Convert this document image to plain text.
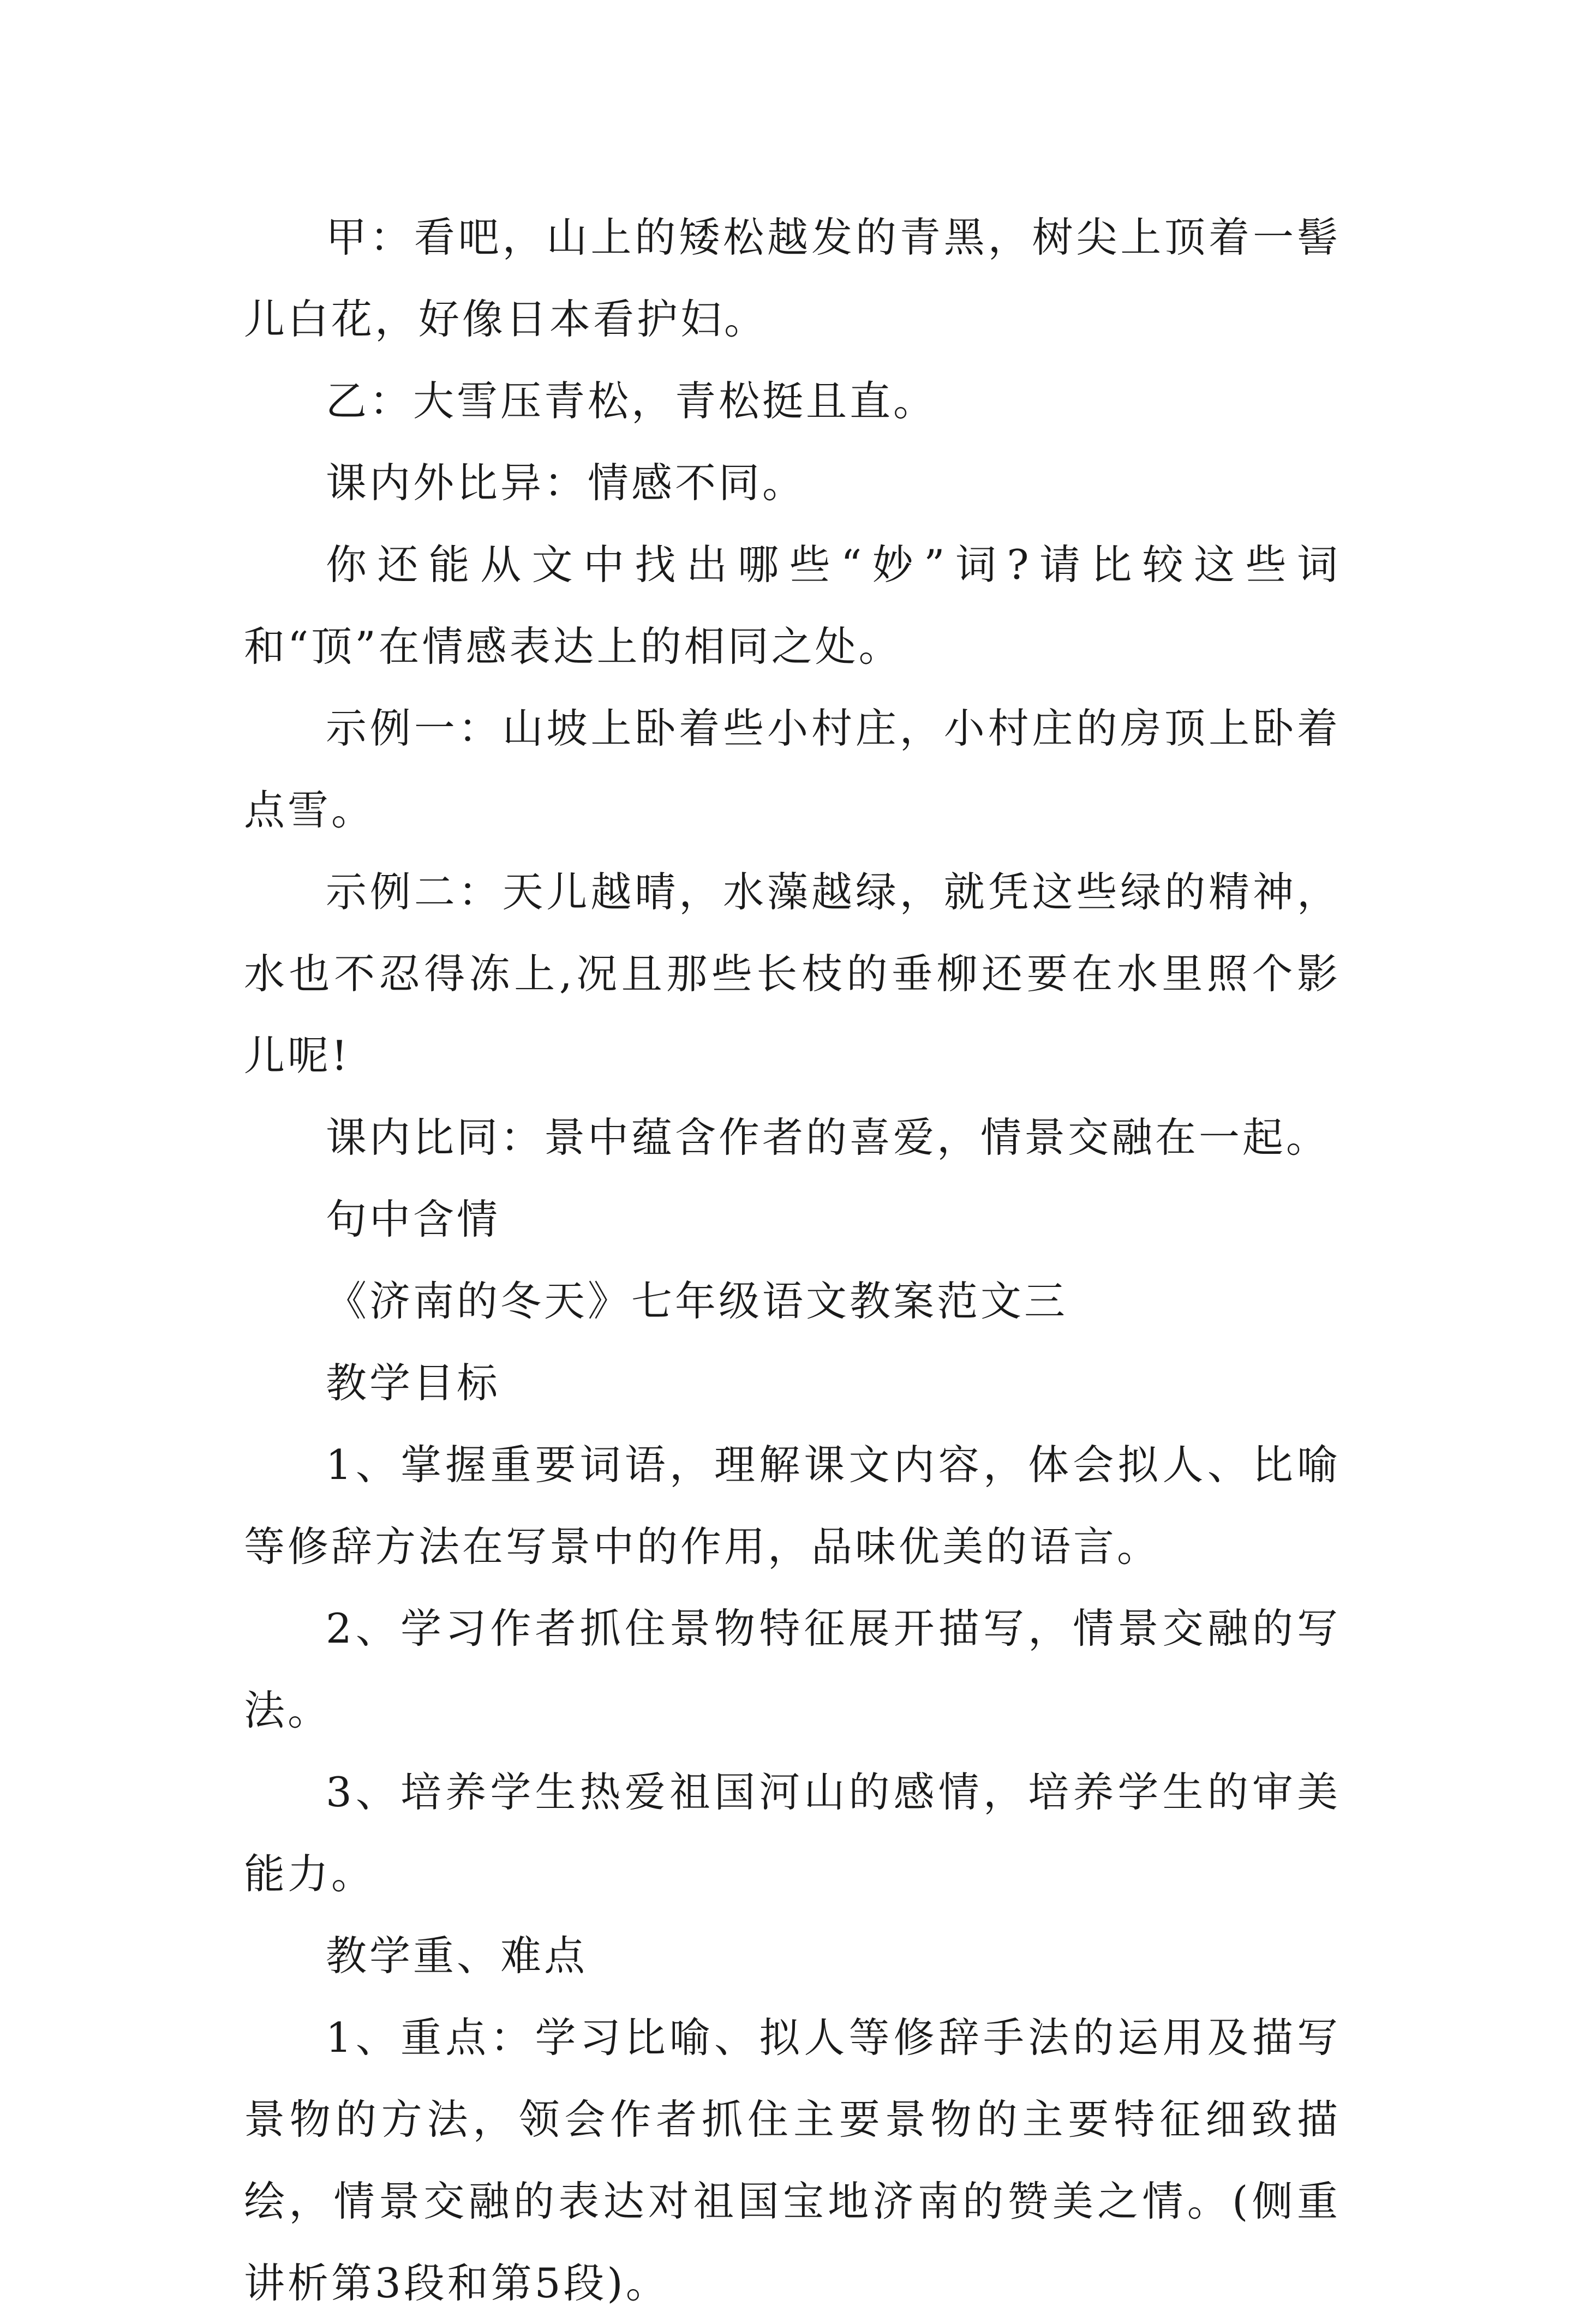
甲：看吧，山上的矮松越发的青黑，树尖上顶着一髻儿白花，好像日本看护妇。

乙：大雪压青松，青松挺且直。

课内外比异：情感不同。

你还能从文中找出哪些“妙”词?请比较这些词和“顶”在情感表达上的相同之处。

示例一：山坡上卧着些小村庄，小村庄的房顶上卧着点雪。

示例二：天儿越晴，水藻越绿，就凭这些绿的精神，水也不忍得冻上,况且那些长枝的垂柳还要在水里照个影儿呢!

课内比同：景中蕴含作者的喜爱，情景交融在一起。

句中含情

《济南的冬天》七年级语文教案范文三

教学目标

1、掌握重要词语，理解课文内容，体会拟人、比喻等修辞方法在写景中的作用，品味优美的语言。

2、学习作者抓住景物特征展开描写，情景交融的写法。

3、培养学生热爱祖国河山的感情，培养学生的审美能力。

教学重、难点

1、重点：学习比喻、拟人等修辞手法的运用及描写景物的方法，领会作者抓住主要景物的主要特征细致描绘，情景交融的表达对祖国宝地济南的赞美之情。(侧重讲析第3段和第5段)。
